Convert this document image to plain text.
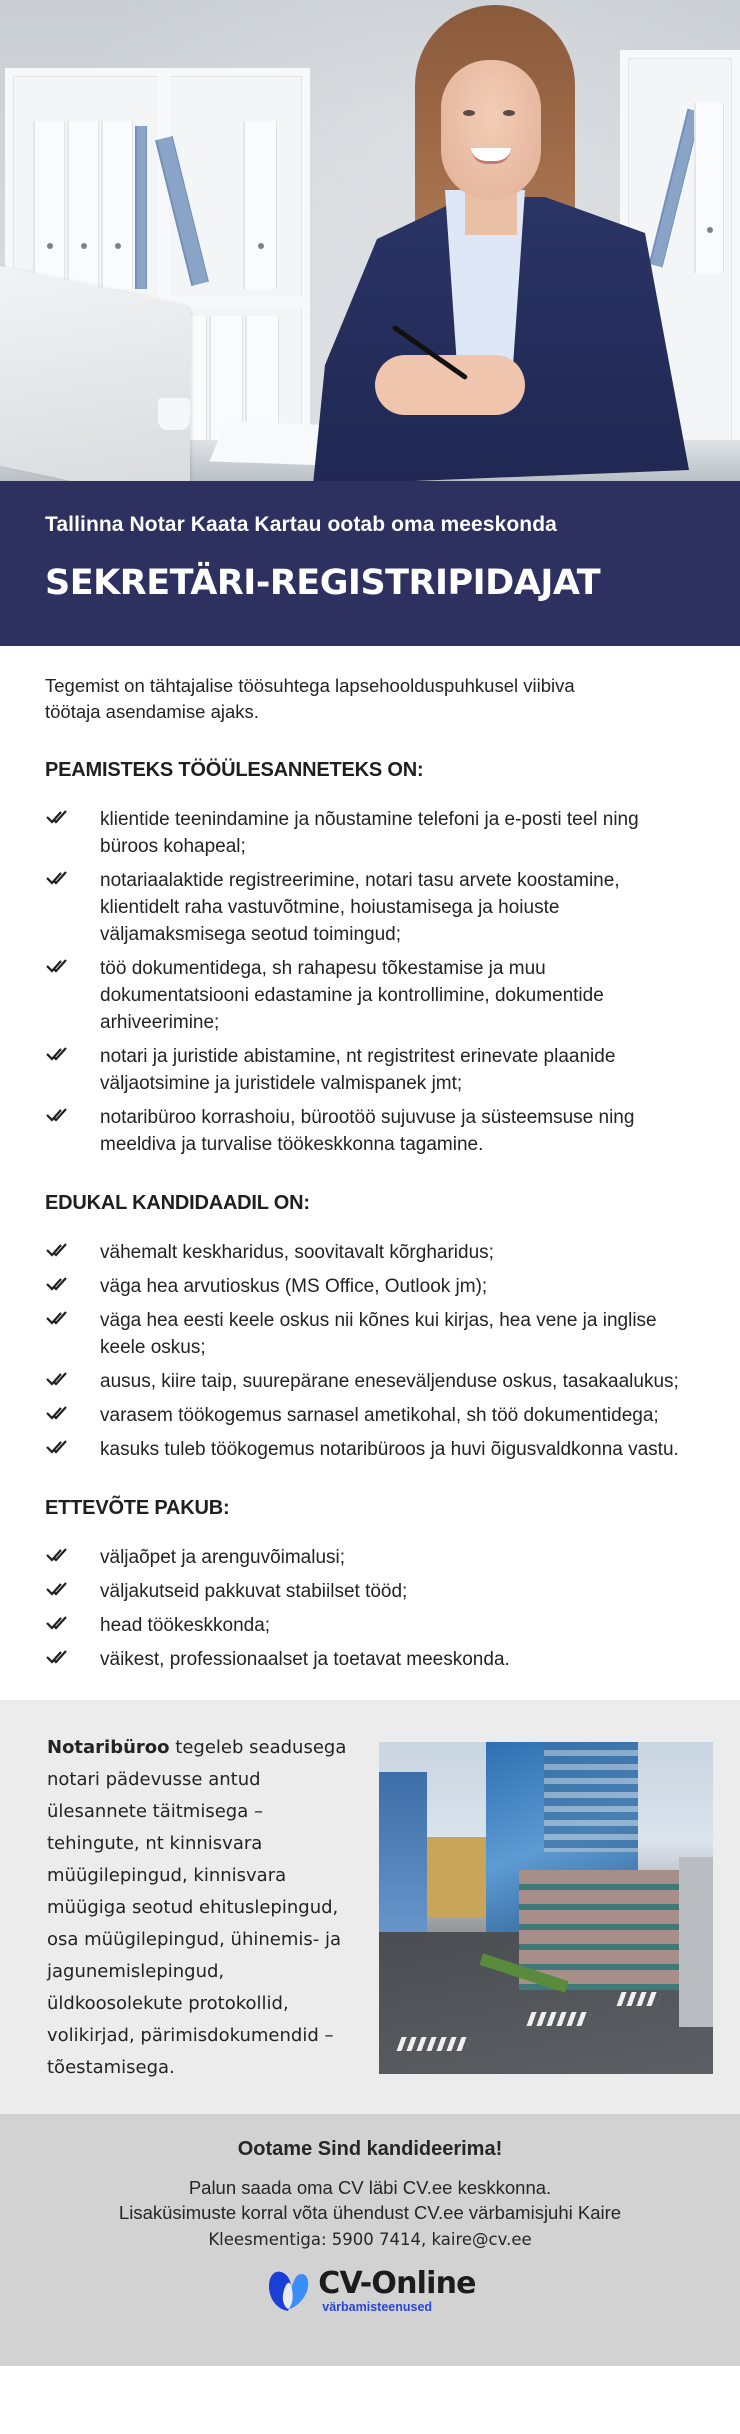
Tallinna Notar Kaata Kartau ootab oma meeskonda
SEKRETÄRI-REGISTRIPIDAJAT

Tegemist on tähtajalise töösuhtega lapsehoolduspuhkusel viibiva töötaja asendamise ajaks.

PEAMISTEKS TÖÖÜLESANNETEKS ON:
klientide teenindamine ja nõustamine telefoni ja e-posti teel ning büroos kohapeal;
notariaalaktide registreerimine, notari tasu arvete koostamine, klientidelt raha vastuvõtmine, hoiustamisega ja hoiuste väljamaksmisega seotud toimingud;
töö dokumentidega, sh rahapesu tõkestamise ja muu dokumentatsiooni edastamine ja kontrollimine, dokumentide arhiveerimine;
notari ja juristide abistamine, nt registritest erinevate plaanide väljaotsimine ja juristidele valmispanek jmt;
notaribüroo korrashoiu, bürootöö sujuvuse ja süsteemsuse ning meeldiva ja turvalise töökeskkonna tagamine.
EDUKAL KANDIDAADIL ON:
vähemalt keskharidus, soovitavalt kõrgharidus;
väga hea arvutioskus (MS Office, Outlook jm);
väga hea eesti keele oskus nii kõnes kui kirjas, hea vene ja inglise keele oskus;
ausus, kiire taip, suurepärane eneseväljenduse oskus, tasakaalukus;
varasem töökogemus sarnasel ametikohal, sh töö dokumentidega;
kasuks tuleb töökogemus notaribüroos ja huvi õigusvaldkonna vastu.
ETTEVÕTE PAKUB:
väljaõpet ja arenguvõimalusi;
väljakutseid pakkuvat stabiilset tööd;
head töökeskkonda;
väikest, professionaalset ja toetavat meeskonda.

Notaribüroo tegeleb seadusega notari pädevusse antud ülesannete täitmisega – tehingute, nt kinnisvara müügilepingud, kinnisvara müügiga seotud ehituslepingud, osa müügilepingud, ühinemis- ja jagunemislepingud, üldkoosolekute protokollid, volikirjad, pärimisdokumendid – tõestamisega.

Ootame Sind kandideerima!
Palun saada oma CV läbi CV.ee keskkonna.
Lisaküsimuste korral võta ühendust CV.ee värbamisjuhi Kaire
Kleesmentiga: 5900 7414, kaire@cv.ee
CV-Online
värbamisteenused
